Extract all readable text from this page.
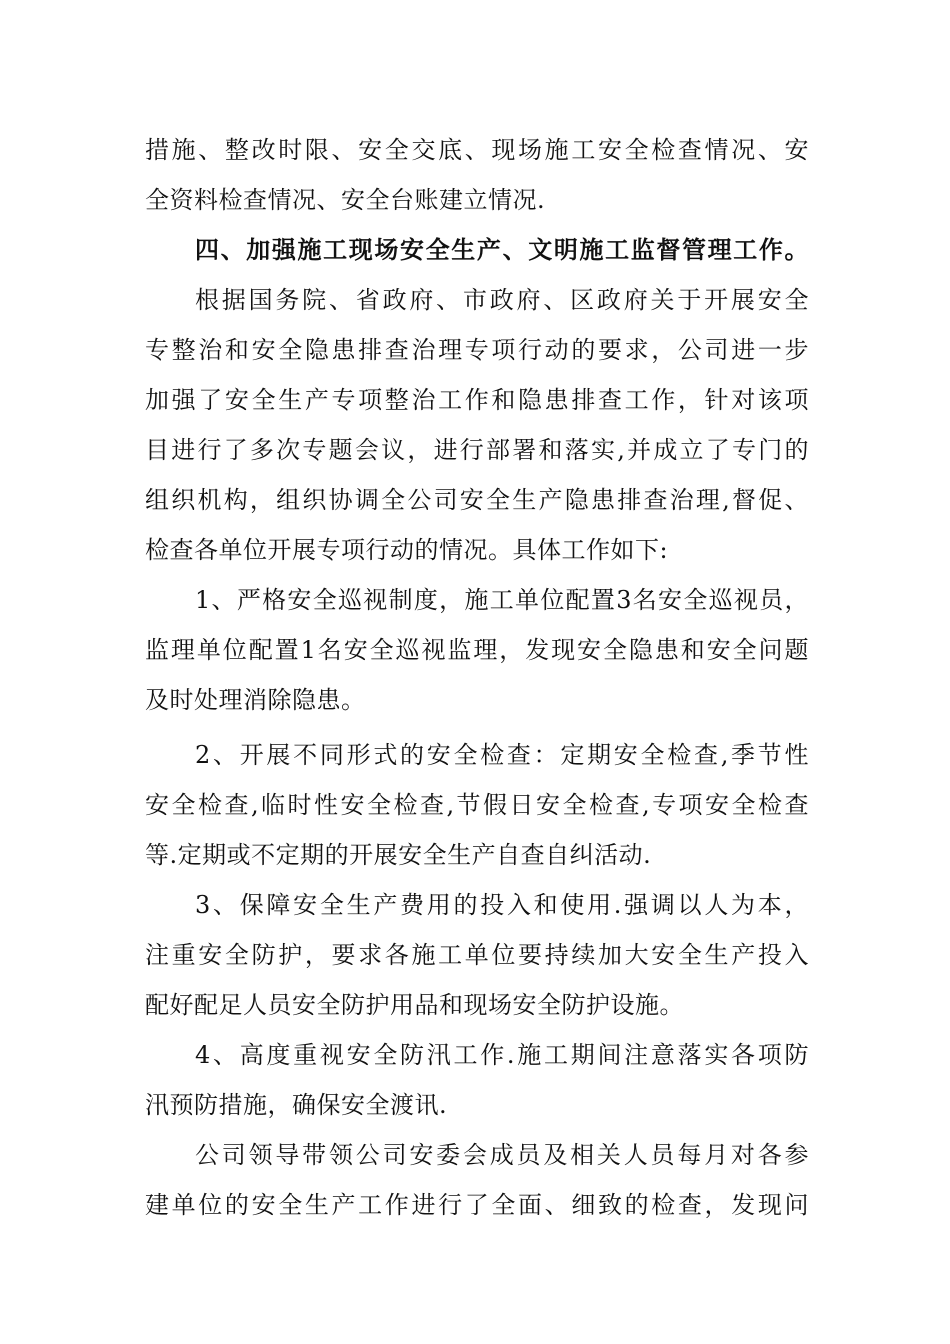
措施、整改时限、安全交底、现场施工安全检查情况、安
全资料检查情况、安全台账建立情况.
四、加强施工现场安全生产、文明施工监督管理工作。
根据国务院、省政府、市政府、区政府关于开展安全
专整治和安全隐患排查治理专项行动的要求，公司进一步
加强了安全生产专项整治工作和隐患排查工作，针对该项
目进行了多次专题会议，进行部署和落实,并成立了专门的
组织机构，组织协调全公司安全生产隐患排查治理,督促、
检查各单位开展专项行动的情况。具体工作如下:
1、严格安全巡视制度，施工单位配置3名安全巡视员，
监理单位配置1名安全巡视监理，发现安全隐患和安全问题
及时处理消除隐患。
2、开展不同形式的安全检查：定期安全检查,季节性
安全检查,临时性安全检查,节假日安全检查,专项安全检查
等.定期或不定期的开展安全生产自查自纠活动.
3、保障安全生产费用的投入和使用.强调以人为本，
注重安全防护，要求各施工单位要持续加大安全生产投入
配好配足人员安全防护用品和现场安全防护设施。
4、高度重视安全防汛工作.施工期间注意落实各项防
汛预防措施，确保安全渡讯.
公司领导带领公司安委会成员及相关人员每月对各参
建单位的安全生产工作进行了全面、细致的检查，发现问
